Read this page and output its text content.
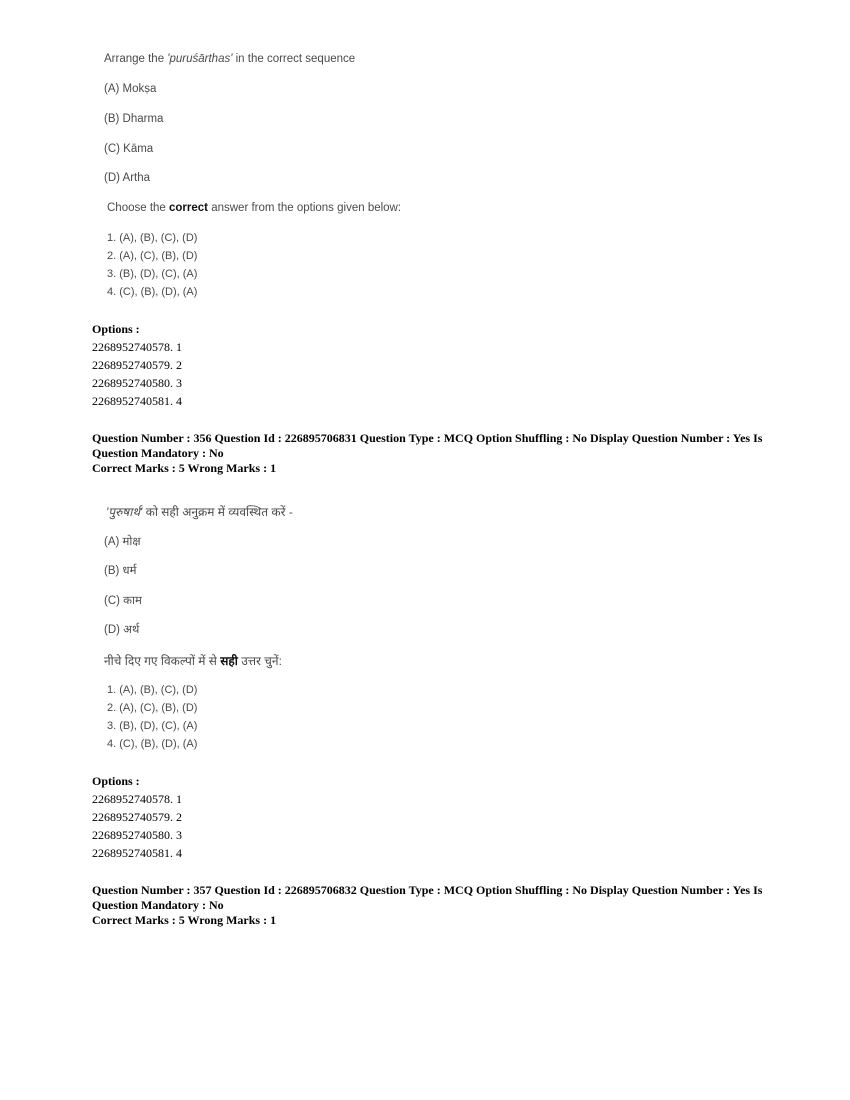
Arrange the 'puruśārthas' in the correct sequence
(A) Mokṣa
(B) Dharma
(C) Kāma
(D) Artha
Choose the correct answer from the options given below:
1. (A), (B), (C), (D)
2. (A), (C), (B), (D)
3. (B), (D), (C), (A)
4. (C), (B), (D), (A)
Options :
2268952740578. 1
2268952740579. 2
2268952740580. 3
2268952740581. 4
Question Number : 356 Question Id : 226895706831 Question Type : MCQ Option Shuffling : No Display Question Number : Yes Is Question Mandatory : No
Correct Marks : 5 Wrong Marks : 1
'पुरुषार्थ' को सही अनुक्रम में व्यवस्थित करें -
(A) मोक्ष
(B) धर्म
(C) काम
(D) अर्थ
नीचे दिए गए विकल्पों में से सही उत्तर चुनें:
1. (A), (B), (C), (D)
2. (A), (C), (B), (D)
3. (B), (D), (C), (A)
4. (C), (B), (D), (A)
Options :
2268952740578. 1
2268952740579. 2
2268952740580. 3
2268952740581. 4
Question Number : 357 Question Id : 226895706832 Question Type : MCQ Option Shuffling : No Display Question Number : Yes Is Question Mandatory : No
Correct Marks : 5 Wrong Marks : 1
